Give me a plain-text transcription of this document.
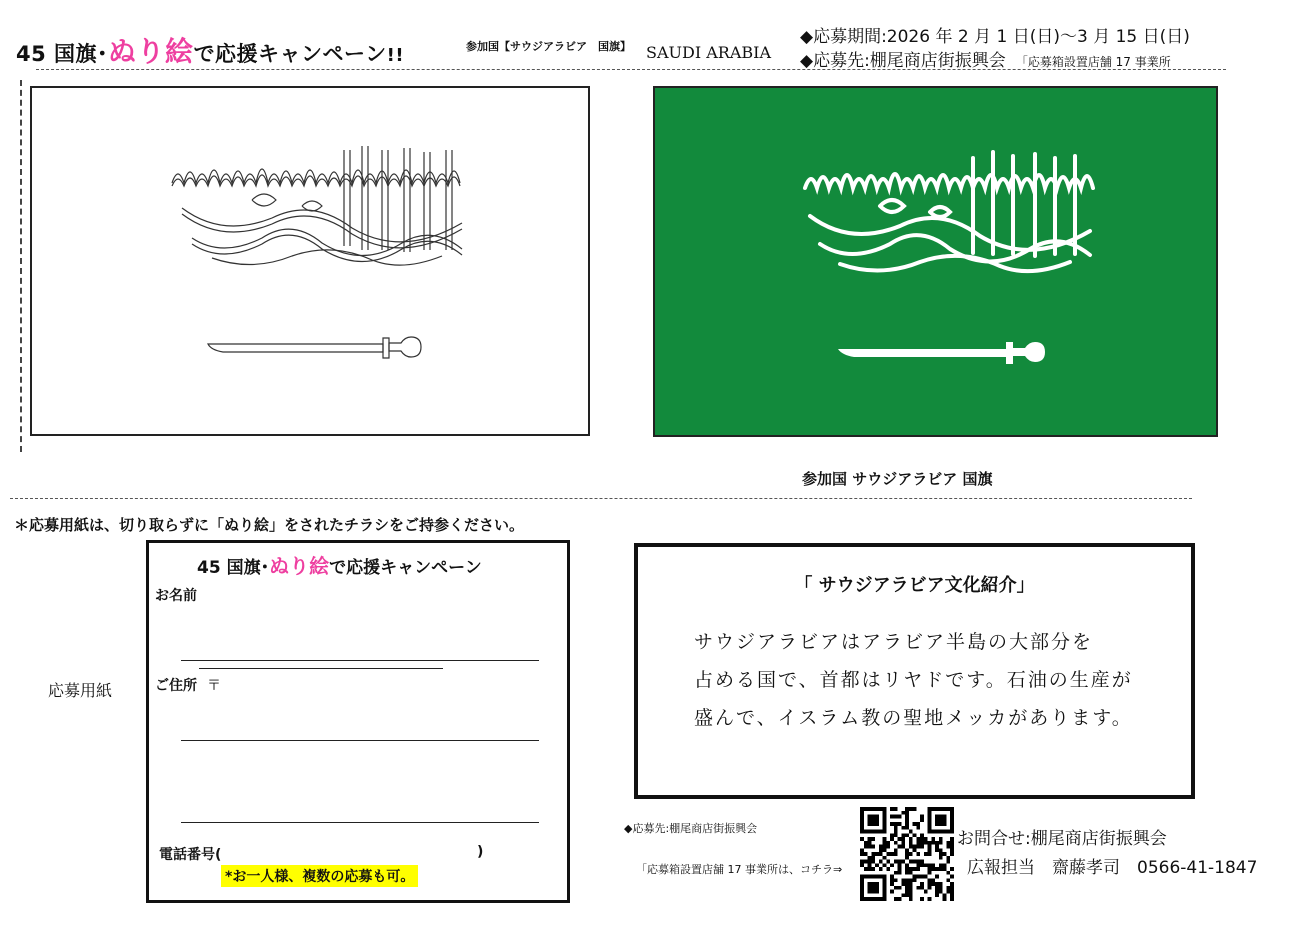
45 国旗･ぬり絵で応援キャンペーン!!	参加国【サウジアラビア　国旗】 SAUDI ARABIA
◆応募期間:2026 年 2 月 1 日(日)～3 月 15 日(日)
◆応募先:棚尾商店街振興会 「応募箱設置店舗 17 事業所
参加国 サウジアラビア 国旗
＊応募用紙は、切り取らずに「ぬり絵」をされたチラシをご持参ください。
応募用紙
45 国旗･ぬり絵で応援キャンペーン
お名前
ご住所 〒
電話番号(	)
*お一人様、複数の応募も可。
「 サウジアラビア文化紹介」
サウジアラビアはアラビア半島の大部分を
占める国で、首都はリヤドです。石油の生産が
盛んで、イスラム教の聖地メッカがあります。
◆応募先:棚尾商店街振興会
「応募箱設置店舗 17 事業所は、コチラ⇒
お問合せ:棚尾商店街振興会
広報担当　齋藤孝司　0566-41-1847
